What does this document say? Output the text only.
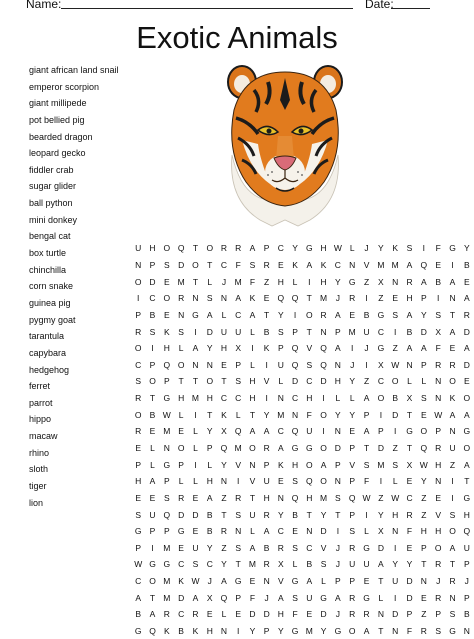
Name:	Date:
Exotic Animals
giant african land snail
emperor scorpion
giant millipede
pot bellied pig
bearded dragon
leopard gecko
fiddler crab
sugar glider
ball python
mini donkey
bengal cat
box turtle
chinchilla
corn snake
guinea pig
pygmy goat
tarantula
capybara
hedgehog
ferret
parrot
hippo
macaw
rhino
sloth
tiger
lion
U	H	O	Q	T	O	R	R	A	P	C	Y	G	H	W	L	J	Y	K	S	I	F	G	Y
N	P	S	D	O	T	C	F	S	R	E	K	A	K	C	N	V	M	M	A	Q	E	I	B
O	D	E	M	T	L	J	M	F	Z	H	L	I	H	Y	G	Z	X	N	R	A	B	A	E
I	C	O	R	N	S	N	A	K	E	Q	Q	T	M	J	R	I	Z	E	H	P	I	N	A
P	B	E	N	G	A	L	C	A	T	Y	I	O	R	A	E	B	G	S	A	Y	S	T	R
R	S	K	S	I	D	U	U	L	B	S	P	T	N	P	M	U	C	I	B	D	X	A	D
O	I	H	L	A	Y	H	X	I	K	P	Q	V	Q	A	I	J	G	Z	A	A	F	E	A
C	P	Q	O	N	N	E	P	L	I	U	Q	S	Q	N	J	I	X	W	N	P	R	R	D
S	O	P	T	T	O	T	S	H	V	L	D	C	D	H	Y	Z	C	O	L	L	N	O	E
R	T	G	H	M	H	C	C	H	I	N	C	H	I	L	L	A	O	B	X	S	N	K	O
O	B	W	L	I	T	K	L	T	Y	M	N	F	O	Y	Y	P	I	D	T	E	W	A	A
R	E	M	E	L	Y	X	Q	A	A	C	Q	U	I	N	E	A	P	I	G	O	P	N	G
E	L	N	O	L	P	Q	M	O	R	A	G	G	O	D	P	T	D	Z	T	Q	R	U	O
P	L	G	P	I	L	Y	V	N	P	K	H	O	A	P	V	S	M	S	X	W	H	Z	A
H	A	P	L	L	H	N	I	V	U	E	S	Q	O	N	P	F	I	L	E	Y	N	I	T
E	E	S	R	E	A	Z	R	T	H	N	Q	H	M	S	Q	W	Z	W	C	Z	E	I	G
S	U	Q	D	D	B	T	S	U	R	Y	B	T	Y	T	P	I	Y	H	R	Z	V	S	H
G	P	P	G	E	B	R	N	L	A	C	E	N	D	I	S	L	X	N	F	H	H	O	Q
P	I	M	E	U	Y	Z	S	A	B	R	S	C	V	J	R	G	D	I	E	P	O	A	U
W	G	G	C	S	C	Y	T	M	R	X	L	B	S	J	U	U	A	Y	Y	T	R	T	P
C	O	M	K	W	J	A	G	E	N	V	G	A	L	P	P	E	T	U	D	N	J	R	J
A	T	M	D	A	X	Q	P	F	J	A	S	U	G	A	R	G	L	I	D	E	R	N	P
B	A	R	C	R	E	L	E	D	D	H	F	E	D	J	R	R	N	D	P	Z	P	S	B
G	Q	K	B	K	H	N	I	Y	P	Y	G	M	Y	G	O	A	T	N	F	R	S	G	N
